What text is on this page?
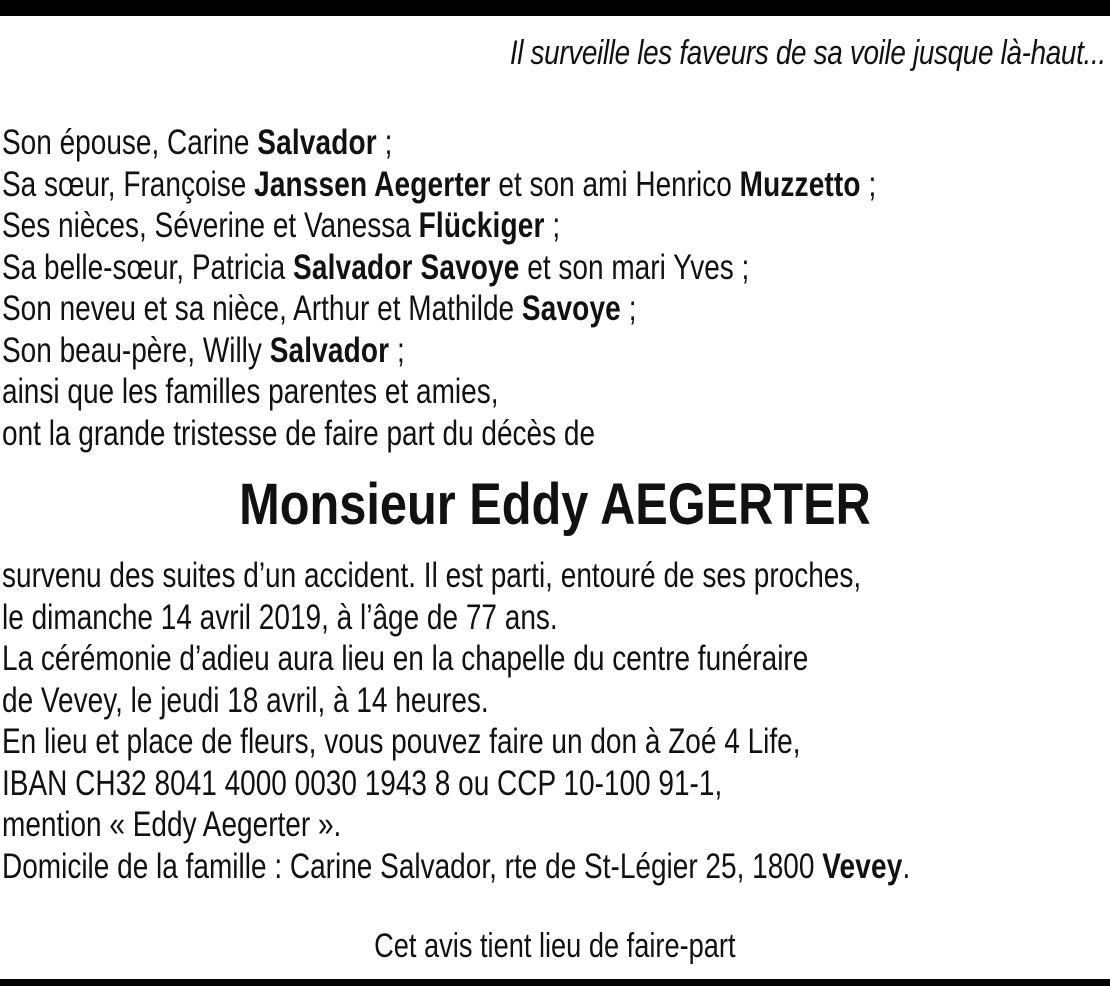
Il surveille les faveurs de sa voile jusque là-haut...
Son épouse, Carine Salvador ;
Sa sœur, Françoise Janssen Aegerter et son ami Henrico Muzzetto ;
Ses nièces, Séverine et Vanessa Flückiger ;
Sa belle-sœur, Patricia Salvador Savoye et son mari Yves ;
Son neveu et sa nièce, Arthur et Mathilde Savoye ;
Son beau-père, Willy Salvador ;
ainsi que les familles parentes et amies,
ont la grande tristesse de faire part du décès de
Monsieur Eddy AEGERTER
survenu des suites d’un accident. Il est parti, entouré de ses proches,
le dimanche 14 avril 2019, à l’âge de 77 ans.
La cérémonie d’adieu aura lieu en la chapelle du centre funéraire
de Vevey, le jeudi 18 avril, à 14 heures.
En lieu et place de fleurs, vous pouvez faire un don à Zoé 4 Life,
IBAN CH32 8041 4000 0030 1943 8 ou CCP 10-100 91-1,
mention « Eddy Aegerter ».
Domicile de la famille : Carine Salvador, rte de St-Légier 25, 1800 Vevey.
Cet avis tient lieu de faire-part
